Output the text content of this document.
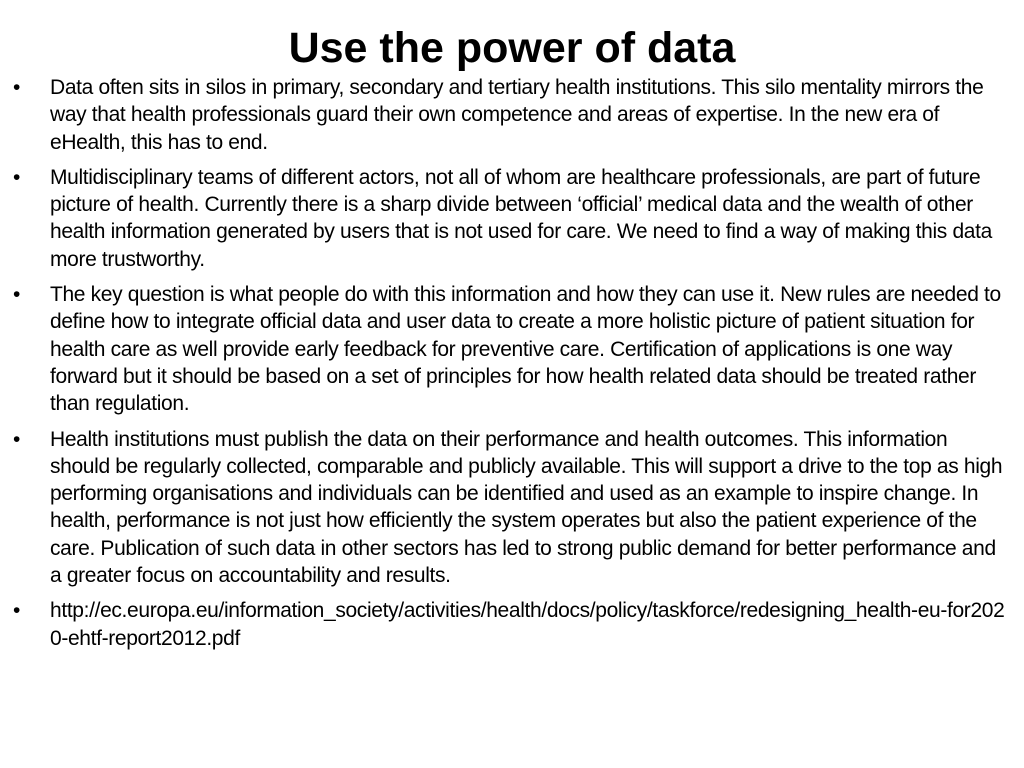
Use the power of data
•	Data often sits in silos in primary, secondary and tertiary health institutions. This silo mentality mirrors the way that health professionals guard their own competence and areas of expertise. In the new era of eHealth, this has to end.
•	Multidisciplinary teams of different actors, not all of whom are healthcare professionals, are part of future picture of health. Currently there is a sharp divide between ‘official’ medical data and the wealth of other health information generated by users that is not used for care. We need to find a way of making this data more trustworthy.
•	The key question is what people do with this information and how they can use it. New rules are needed to define how to integrate official data and user data to create a more holistic picture of patient situation for health care as well provide early feedback for preventive care. Certification of applications is one way forward but it should be based on a set of principles for how health related data should be treated rather than regulation.
•	Health institutions must publish the data on their performance and health outcomes. This information should be regularly collected, comparable and publicly available. This will support a drive to the top as high performing organisations and individuals can be identified and used as an example to inspire change. In health, performance is not just how efficiently the system operates but also the patient experience of the care. Publication of such data in other sectors has led to strong public demand for better performance and a greater focus on accountability and results.
•	http://ec.europa.eu/information_society/activities/health/docs/policy/taskforce/redesigning_health-eu-for2020-ehtf-report2012.pdf
